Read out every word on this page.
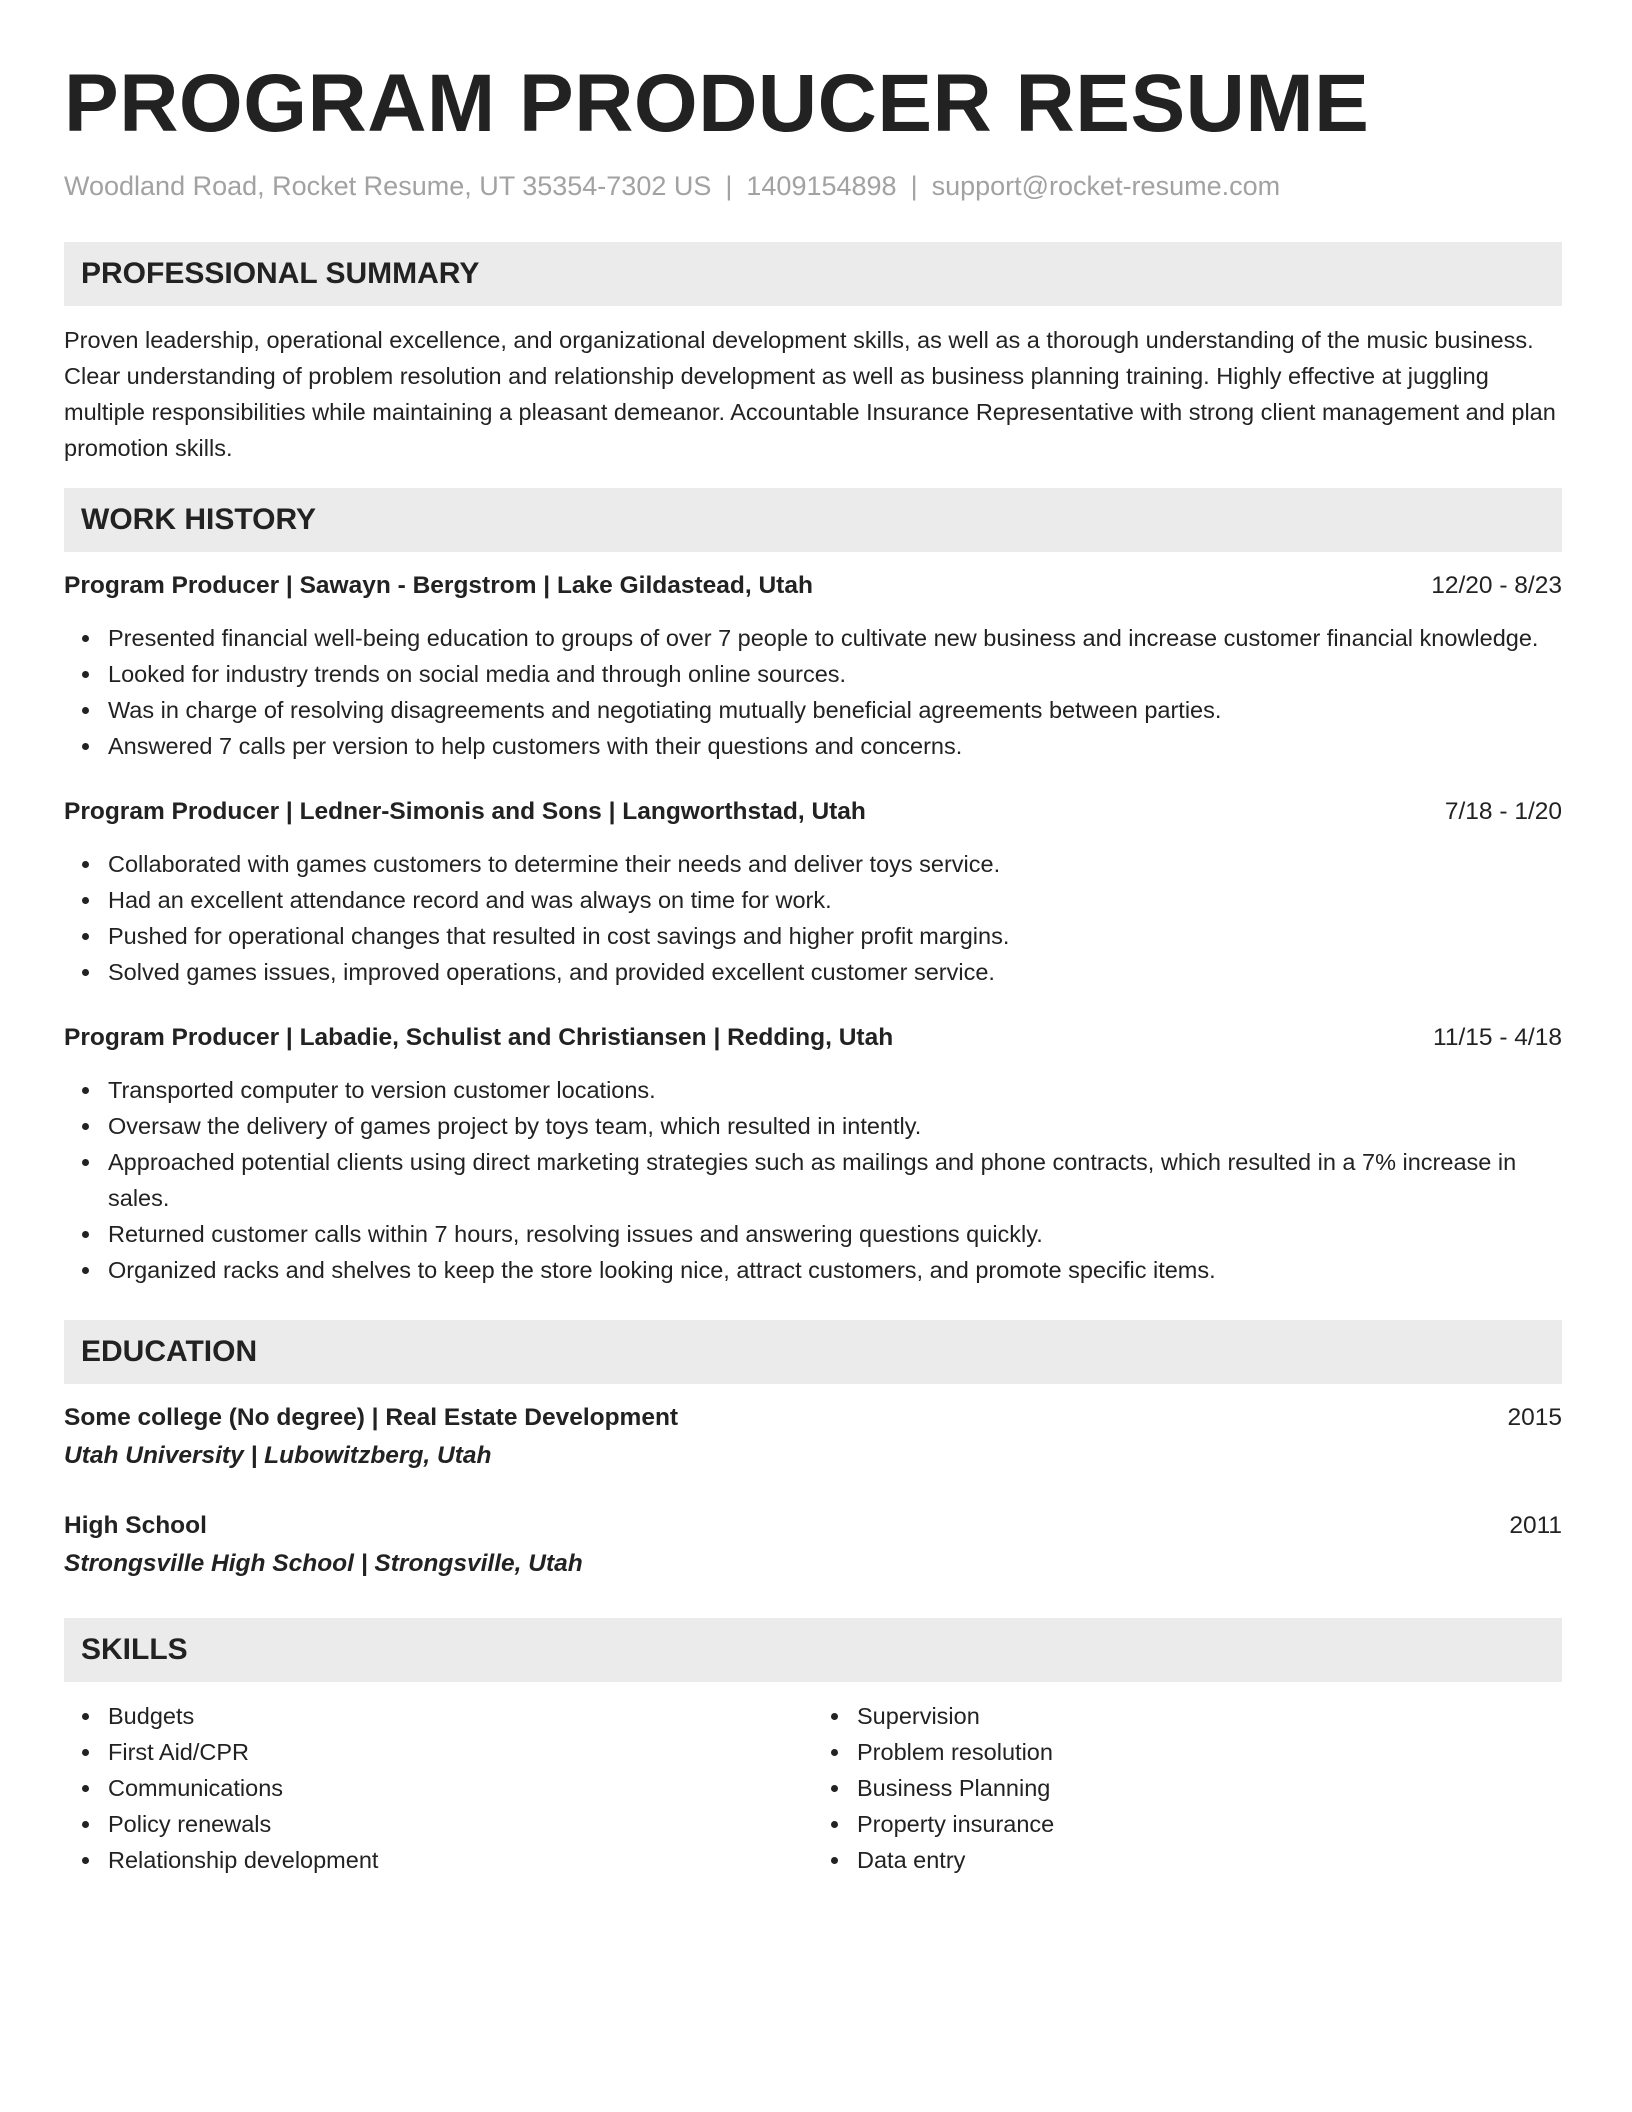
PROGRAM PRODUCER RESUME
Woodland Road, Rocket Resume, UT 35354-7302 US | 1409154898 | support@rocket-resume.com
PROFESSIONAL SUMMARY

Proven leadership, operational excellence, and organizational development skills, as well as a thorough understanding of the music business. Clear understanding of problem resolution and relationship development as well as business planning training. Highly effective at juggling multiple responsibilities while maintaining a pleasant demeanor. Accountable Insurance Representative with strong client management and plan promotion skills.

WORK HISTORY
Program Producer | Sawayn - Bergstrom | Lake Gildastead, Utah	12/20 - 8/23
Presented financial well-being education to groups of over 7 people to cultivate new business and increase customer financial knowledge.
Looked for industry trends on social media and through online sources.
Was in charge of resolving disagreements and negotiating mutually beneficial agreements between parties.
Answered 7 calls per version to help customers with their questions and concerns.
Program Producer | Ledner-Simonis and Sons | Langworthstad, Utah	7/18 - 1/20
Collaborated with games customers to determine their needs and deliver toys service.
Had an excellent attendance record and was always on time for work.
Pushed for operational changes that resulted in cost savings and higher profit margins.
Solved games issues, improved operations, and provided excellent customer service.
Program Producer | Labadie, Schulist and Christiansen | Redding, Utah	11/15 - 4/18
Transported computer to version customer locations.
Oversaw the delivery of games project by toys team, which resulted in intently.
Approached potential clients using direct marketing strategies such as mailings and phone contracts, which resulted in a 7% increase in sales.
Returned customer calls within 7 hours, resolving issues and answering questions quickly.
Organized racks and shelves to keep the store looking nice, attract customers, and promote specific items.
EDUCATION
Some college (No degree) | Real Estate Development	2015
Utah University | Lubowitzberg, Utah
High School	2011
Strongsville High School | Strongsville, Utah
SKILLS
Budgets
First Aid/CPR
Communications
Policy renewals
Relationship development
Supervision
Problem resolution
Business Planning
Property insurance
Data entry
